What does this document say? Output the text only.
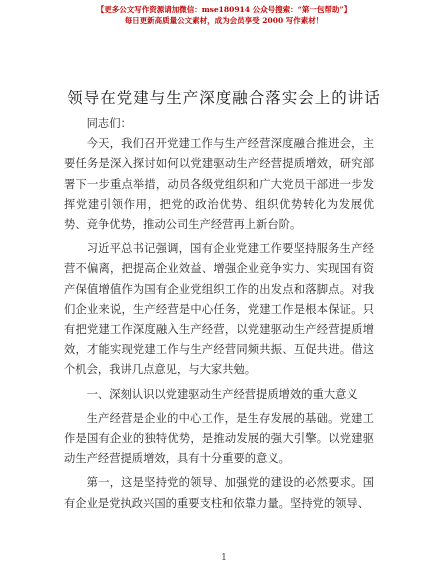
【更多公文写作资源请加微信：mse180914 公众号搜索：“第一包帮助”】
每日更新高质量公文素材，成为会员享受 2000 写作素材！
领导在党建与生产深度融合落实会上的讲话

同志们：

今天，我们召开党建工作与生产经营深度融合推进会，主要任务是深入探讨如何以党建驱动生产经营提质增效，研究部署下一步重点举措，动员各级党组织和广大党员干部进一步发挥党建引领作用，把党的政治优势、组织优势转化为发展优势、竞争优势，推动公司生产经营再上新台阶。

习近平总书记强调，国有企业党建工作要坚持服务生产经营不偏离，把提高企业效益、增强企业竞争实力、实现国有资产保值增值作为国有企业党组织工作的出发点和落脚点。对我们企业来说，生产经营是中心任务，党建工作是根本保证。只有把党建工作深度融入生产经营，以党建驱动生产经营提质增效，才能实现党建工作与生产经营同频共振、互促共进。借这个机会，我讲几点意见，与大家共勉。

一、深刻认识以党建驱动生产经营提质增效的重大意义

生产经营是企业的中心工作，是生存发展的基础。党建工作是国有企业的独特优势，是推动发展的强大引擎。以党建驱动生产经营提质增效，具有十分重要的意义。

第一，这是坚持党的领导、加强党的建设的必然要求。国有企业是党执政兴国的重要支柱和依靠力量。坚持党的领导、

1
